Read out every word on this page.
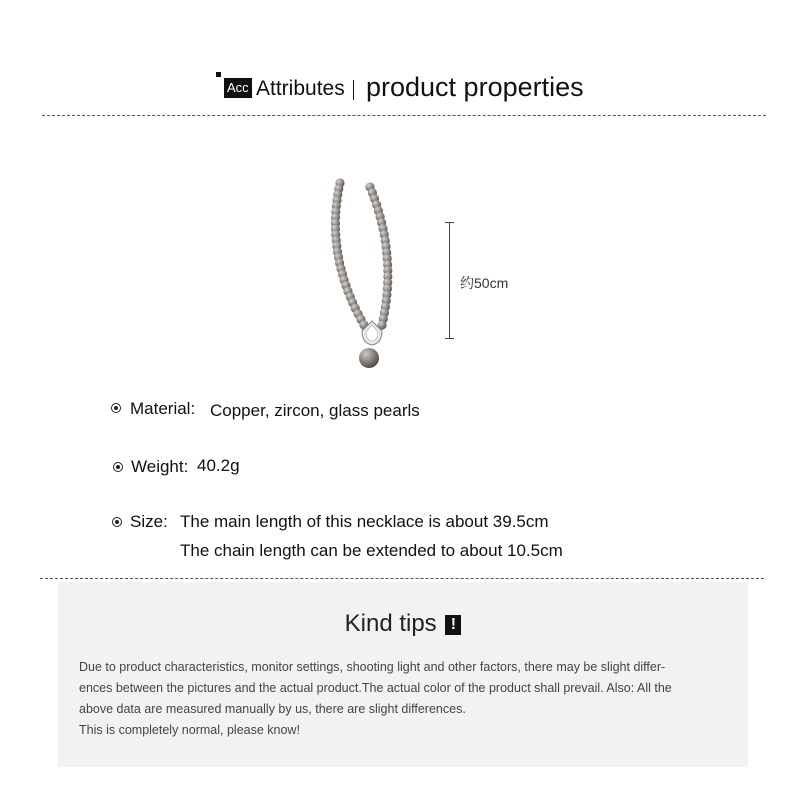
Acc Attributes product properties
约50cm
Material: Copper, zircon, glass pearls
Weight: 40.2g
Size: The main length of this necklace is about 39.5cm
The chain length can be extended to about 10.5cm
Kind tips !

Due to product characteristics, monitor settings, shooting light and other factors, there may be slight differ-

ences between the pictures and the actual product.The actual color of the product shall prevail. Also: All the

above data are measured manually by us, there are slight differences.

This is completely normal, please know!
